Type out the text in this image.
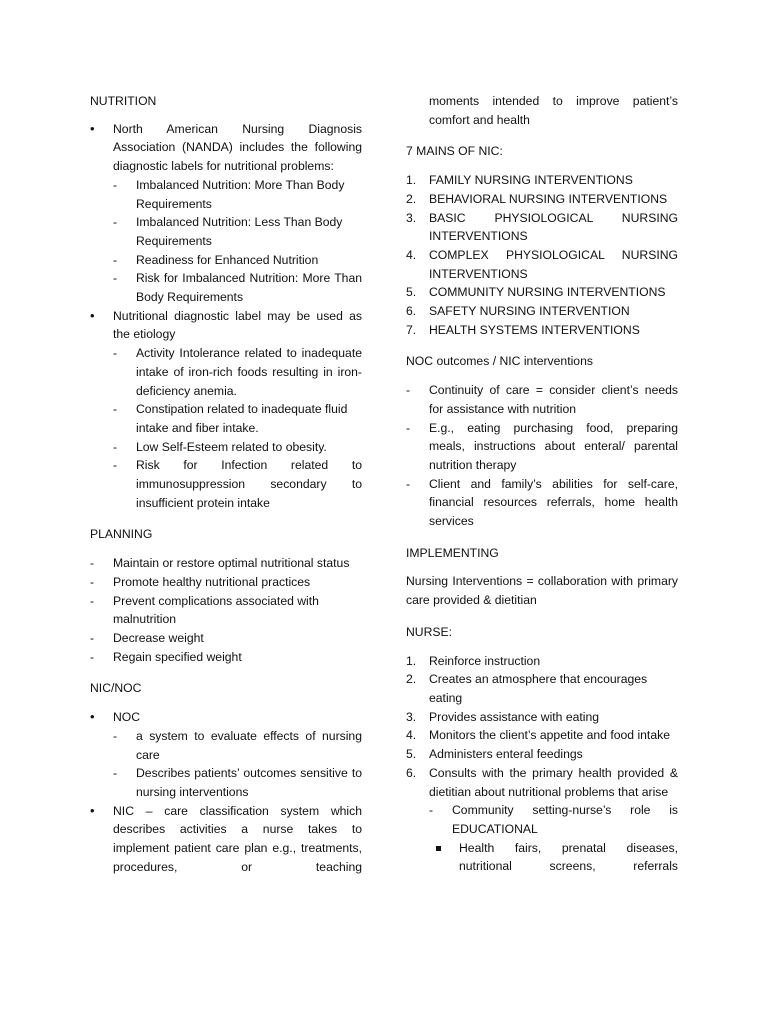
NUTRITION

•
North American Nursing Diagnosis Association (NANDA) includes the following diagnostic labels for nutritional problems:
- Imbalanced Nutrition: More Than Body Requirements
- Imbalanced Nutrition: Less Than Body Requirements
- Readiness for Enhanced Nutrition
- Risk for Imbalanced Nutrition: More Than Body Requirements
•
Nutritional diagnostic label may be used as the etiology
- Activity Intolerance related to inadequate intake of iron-rich foods resulting in iron-deficiency anemia.
- Constipation related to inadequate fluid intake and fiber intake.
- Low Self-Esteem related to obesity.
- Risk for Infection related to immunosuppression secondary to insufficient protein intake

PLANNING

- Maintain or restore optimal nutritional status
- Promote healthy nutritional practices
- Prevent complications associated with malnutrition
- Decrease weight
- Regain specified weight

NIC/NOC

•
NOC
- a system to evaluate effects of nursing care
- Describes patients’ outcomes sensitive to nursing interventions
•
NIC – care classification system which describes activities a nurse takes to implement patient care plan e.g., treatments, procedures, or teaching
moments intended to improve patient’s comfort and health

7 MAINS OF NIC:

1. FAMILY NURSING INTERVENTIONS
2. BEHAVIORAL NURSING INTERVENTIONS
3. BASIC PHYSIOLOGICAL NURSING INTERVENTIONS
4. COMPLEX PHYSIOLOGICAL NURSING INTERVENTIONS
5. COMMUNITY NURSING INTERVENTIONS
6. SAFETY NURSING INTERVENTION
7. HEALTH SYSTEMS INTERVENTIONS

NOC outcomes / NIC interventions

- Continuity of care = consider client’s needs for assistance with nutrition
- E.g., eating purchasing food, preparing meals, instructions about enteral/ parental nutrition therapy
- Client and family’s abilities for self-care, financial resources referrals, home health services

IMPLEMENTING

Nursing Interventions = collaboration with primary care provided & dietitian

NURSE:

1. Reinforce instruction
2. Creates an atmosphere that encourages eating
3. Provides assistance with eating
4. Monitors the client’s appetite and food intake
5. Administers enteral feedings
6. Consults with the primary health provided & dietitian about nutritional problems that arise
- Community setting-nurse’s role is EDUCATIONAL
Health fairs, prenatal diseases, nutritional screens, referrals
